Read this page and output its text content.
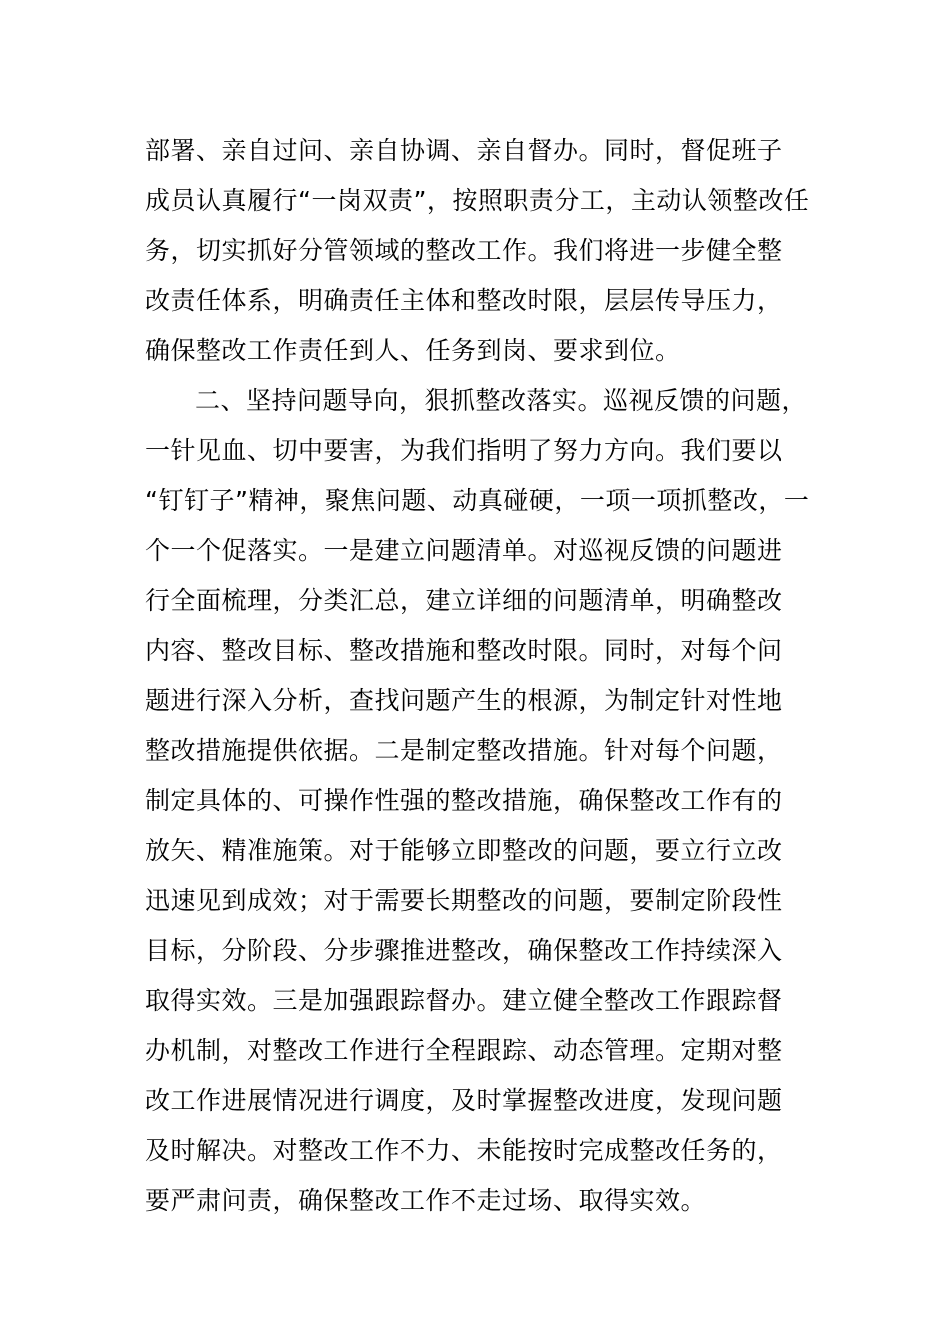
部署、亲自过问、亲自协调、亲自督办。同时，督促班子
成员认真履行“一岗双责”，按照职责分工，主动认领整改任
务，切实抓好分管领域的整改工作。我们将进一步健全整
改责任体系，明确责任主体和整改时限，层层传导压力，
确保整改工作责任到人、任务到岗、要求到位。
二、坚持问题导向，狠抓整改落实。巡视反馈的问题，
一针见血、切中要害，为我们指明了努力方向。我们要以
“钉钉子”精神，聚焦问题、动真碰硬，一项一项抓整改，一
个一个促落实。一是建立问题清单。对巡视反馈的问题进
行全面梳理，分类汇总，建立详细的问题清单，明确整改
内容、整改目标、整改措施和整改时限。同时，对每个问
题进行深入分析，查找问题产生的根源，为制定针对性地
整改措施提供依据。二是制定整改措施。针对每个问题，
制定具体的、可操作性强的整改措施，确保整改工作有的
放矢、精准施策。对于能够立即整改的问题，要立行立改
迅速见到成效；对于需要长期整改的问题，要制定阶段性
目标，分阶段、分步骤推进整改，确保整改工作持续深入
取得实效。三是加强跟踪督办。建立健全整改工作跟踪督
办机制，对整改工作进行全程跟踪、动态管理。定期对整
改工作进展情况进行调度，及时掌握整改进度，发现问题
及时解决。对整改工作不力、未能按时完成整改任务的，
要严肃问责，确保整改工作不走过场、取得实效。
